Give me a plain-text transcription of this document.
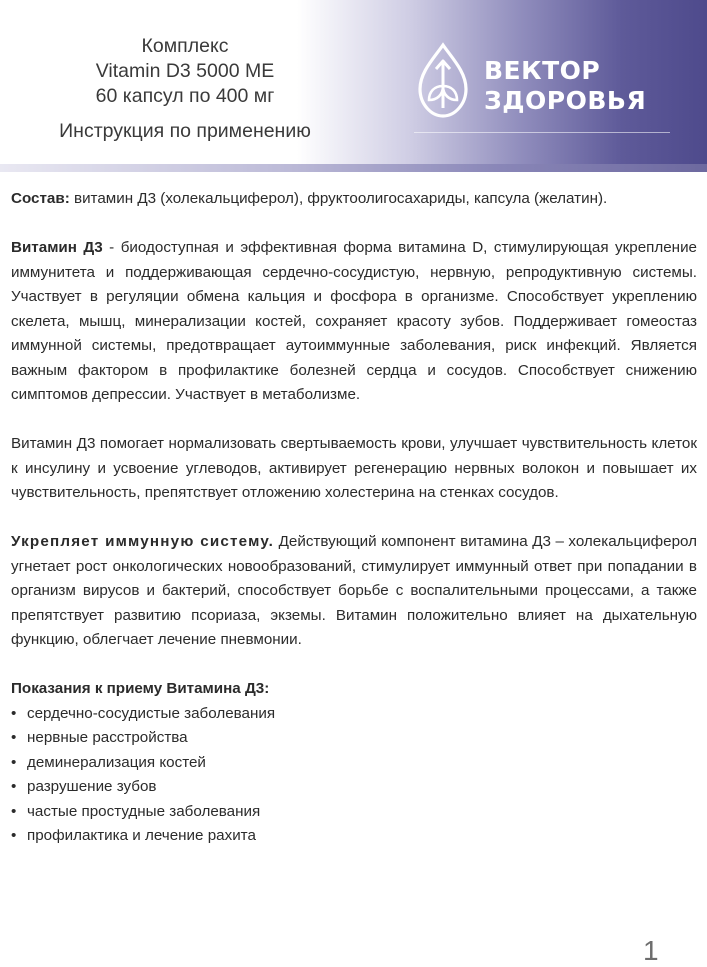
Комплекс
Vitamin D3 5000 МЕ
60 капсул по 400 мг
Инструкция по применению
ВЕКТОР
ЗДОРОВЬЯ

Состав: витамин Д3 (холекальциферол), фруктоолигосахариды, капсула (желатин).

Витамин Д3 - биодоступная и эффективная форма витамина D, стимулирующая укрепление иммунитета и поддерживающая сердечно-сосудистую, нервную, репродуктивную системы. Участвует в регуляции обмена кальция и фосфора в организме. Способствует укреплению скелета, мышц, минерализации костей, сохраняет красоту зубов. Поддерживает гомеостаз иммунной системы, предотвращает аутоиммунные заболевания, риск инфекций. Является важным фактором в профилактике болезней сердца и сосудов. Способствует снижению симптомов депрессии. Участвует в метаболизме.

Витамин Д3 помогает нормализовать свертываемость крови, улучшает чувствительность клеток к инсулину и усвоение углеводов, активирует регенерацию нервных волокон и повышает их чувствительность, препятствует отложению холестерина на стенках сосудов.

Укрепляет иммунную систему. Действующий компонент витамина Д3 – холекальциферол угнетает рост онкологических новообразований, стимулирует иммунный ответ при попадании в организм вирусов и бактерий, способствует борьбе с воспалительными процессами, а также препятствует развитию псориаза, экземы. Витамин положительно влияет на дыхательную функцию, облегчает лечение пневмонии.

Показания к приему Витамина Д3:
• сердечно-сосудистые заболевания
• нервные расстройства
• деминерализация костей
• разрушение зубов
• частые простудные заболевания
• профилактика и лечение рахита
1
